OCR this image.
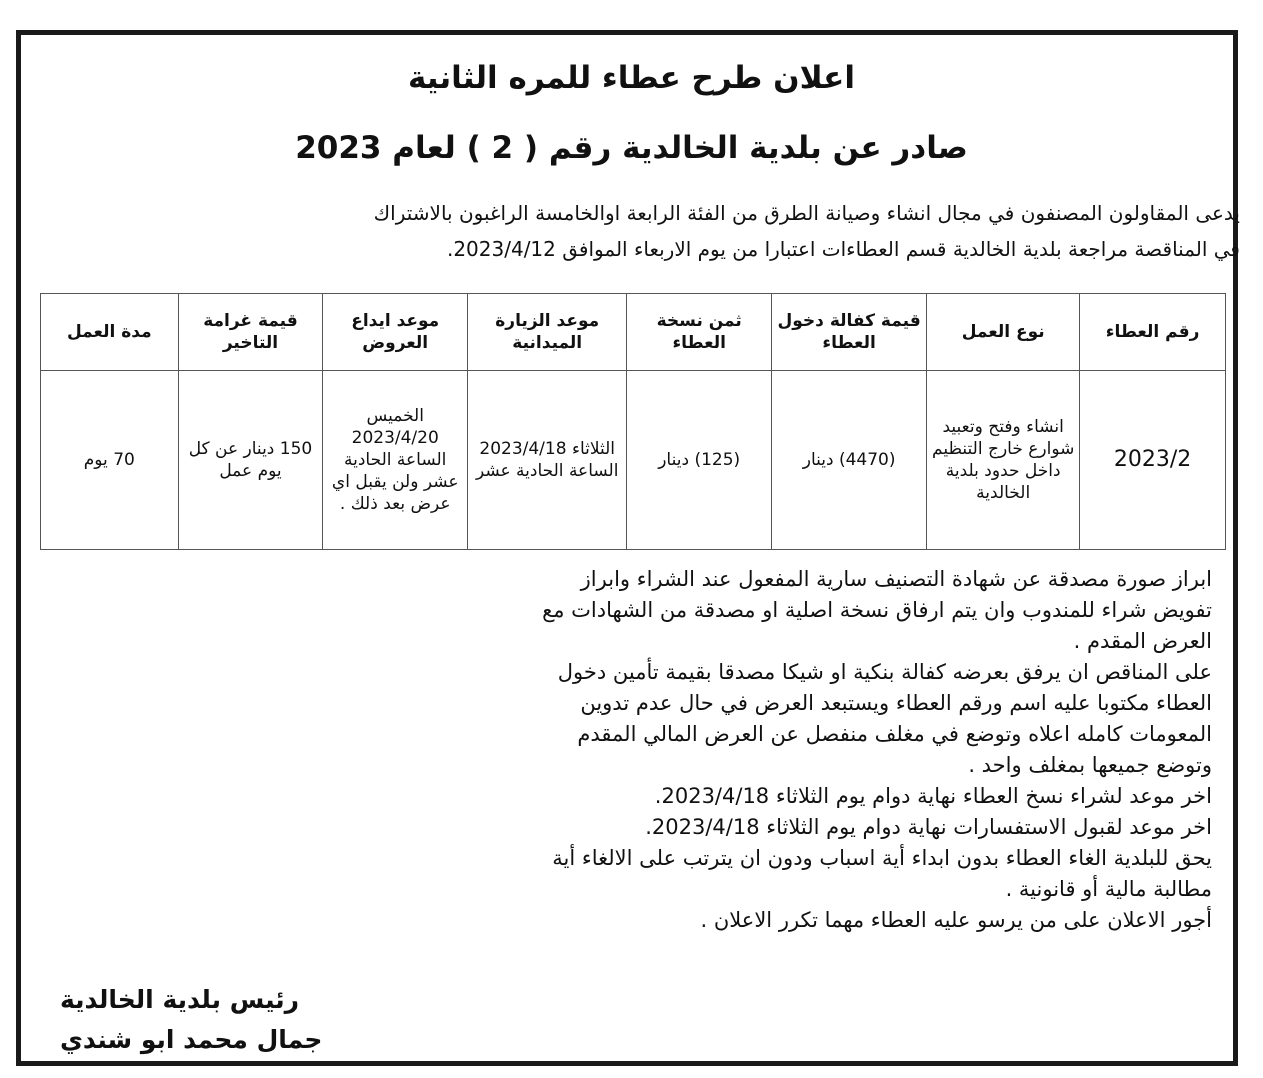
اعلان طرح عطاء للمره الثانية
صادر عن بلدية الخالدية رقم ( 2 ) لعام 2023
يدعى المقاولون المصنفون في مجال انشاء وصيانة الطرق من الفئة الرابعة اوالخامسة الراغبون بالاشتراك
في المناقصة مراجعة بلدية الخالدية قسم العطاءات اعتبارا من يوم الاربعاء الموافق 2023/4/12.
رقم العطاء	نوع العمل	قيمة كفالة دخول العطاء	ثمن نسخة العطاء	موعد الزيارة الميدانية	موعد ايداع العروض	قيمة غرامة التاخير	مدة العمل
2023/2	انشاء وفتح وتعبيد شوارع خارج التنظيم داخل حدود بلدية الخالدية	(4470) دينار	(125) دينار	الثلاثاء 2023/4/18 الساعة الحادية عشر	الخميس 2023/4/20 الساعة الحادية عشر ولن يقبل اي عرض بعد ذلك .	150 دينار عن كل يوم عمل	70 يوم

ابراز صورة مصدقة عن شهادة التصنيف سارية المفعول عند الشراء وابراز

تفويض شراء للمندوب وان يتم ارفاق نسخة اصلية او مصدقة من الشهادات مع

العرض المقدم .

على المناقص ان يرفق بعرضه كفالة بنكية او شيكا مصدقا بقيمة تأمين دخول

العطاء مكتوبا عليه اسم ورقم العطاء ويستبعد العرض في حال عدم تدوين

المعومات كامله اعلاه وتوضع في مغلف منفصل عن العرض المالي المقدم

وتوضع جميعها بمغلف واحد .

اخر موعد لشراء نسخ العطاء نهاية دوام يوم الثلاثاء 2023/4/18.

اخر موعد لقبول الاستفسارات نهاية دوام يوم الثلاثاء 2023/4/18.

يحق للبلدية الغاء العطاء بدون ابداء أية اسباب ودون ان يترتب على الالغاء أية

مطالبة مالية أو قانونية .

أجور الاعلان على من يرسو عليه العطاء مهما تكرر الاعلان .

رئيس بلدية الخالدية

جمال محمد ابو شندي
